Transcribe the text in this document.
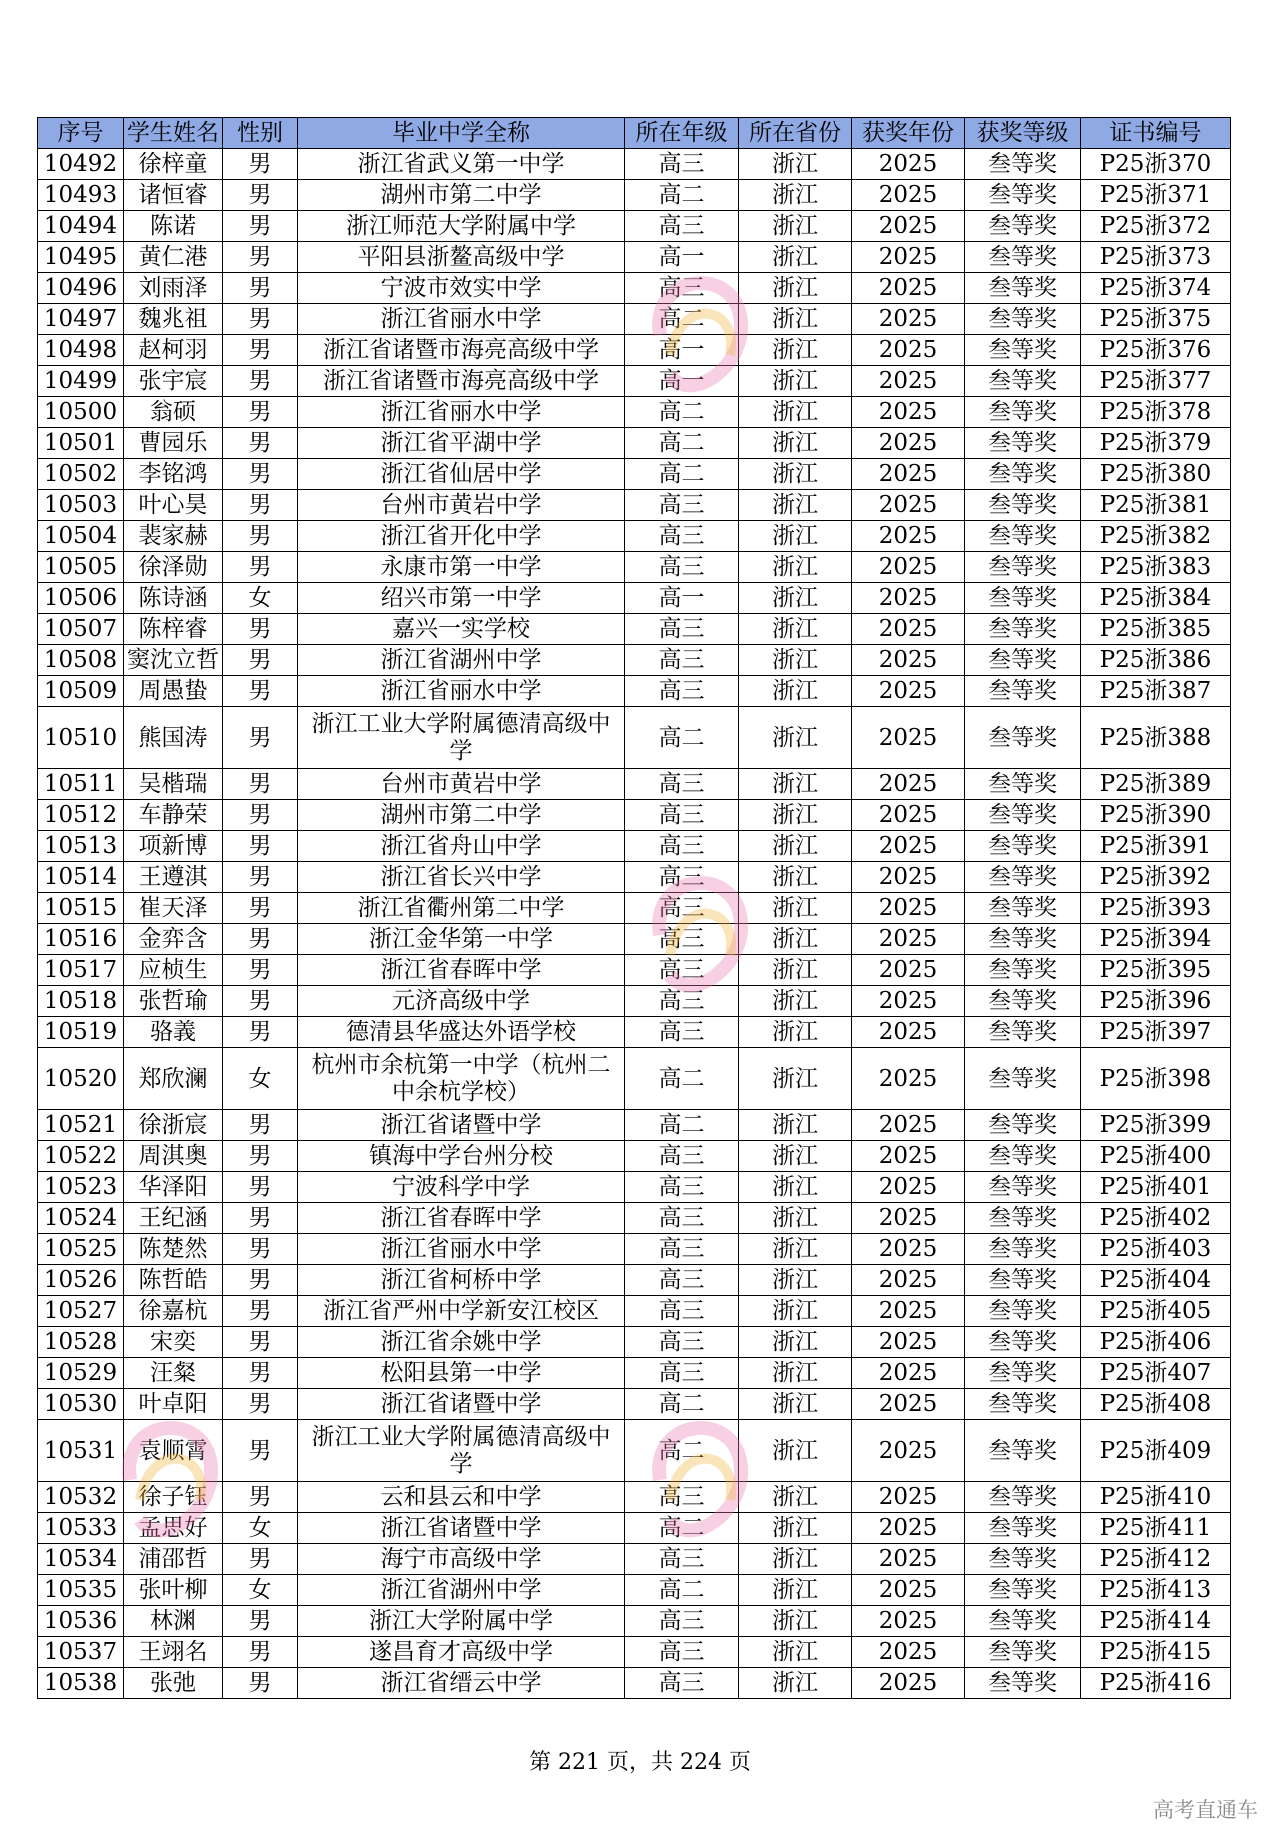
序号	学生姓名	性别	毕业中学全称	所在年级	所在省份	获奖年份	获奖等级	证书编号
10492	徐梓童	男	浙江省武义第一中学	高三	浙江	2025	叁等奖	P25浙370
10493	诸恒睿	男	湖州市第二中学	高二	浙江	2025	叁等奖	P25浙371
10494	陈诺	男	浙江师范大学附属中学	高三	浙江	2025	叁等奖	P25浙372
10495	黄仁港	男	平阳县浙鳌高级中学	高一	浙江	2025	叁等奖	P25浙373
10496	刘雨泽	男	宁波市效实中学	高三	浙江	2025	叁等奖	P25浙374
10497	魏兆祖	男	浙江省丽水中学	高二	浙江	2025	叁等奖	P25浙375
10498	赵柯羽	男	浙江省诸暨市海亮高级中学	高一	浙江	2025	叁等奖	P25浙376
10499	张宇宸	男	浙江省诸暨市海亮高级中学	高一	浙江	2025	叁等奖	P25浙377
10500	翁硕	男	浙江省丽水中学	高二	浙江	2025	叁等奖	P25浙378
10501	曹园乐	男	浙江省平湖中学	高二	浙江	2025	叁等奖	P25浙379
10502	李铭鸿	男	浙江省仙居中学	高二	浙江	2025	叁等奖	P25浙380
10503	叶心昊	男	台州市黄岩中学	高三	浙江	2025	叁等奖	P25浙381
10504	裴家赫	男	浙江省开化中学	高三	浙江	2025	叁等奖	P25浙382
10505	徐泽勋	男	永康市第一中学	高三	浙江	2025	叁等奖	P25浙383
10506	陈诗涵	女	绍兴市第一中学	高一	浙江	2025	叁等奖	P25浙384
10507	陈梓睿	男	嘉兴一实学校	高三	浙江	2025	叁等奖	P25浙385
10508	窦沈立哲	男	浙江省湖州中学	高三	浙江	2025	叁等奖	P25浙386
10509	周愚蛰	男	浙江省丽水中学	高三	浙江	2025	叁等奖	P25浙387
10510	熊国涛	男	浙江工业大学附属德清高级中学	高二	浙江	2025	叁等奖	P25浙388
10511	吴楷瑞	男	台州市黄岩中学	高三	浙江	2025	叁等奖	P25浙389
10512	车静荣	男	湖州市第二中学	高三	浙江	2025	叁等奖	P25浙390
10513	项新博	男	浙江省舟山中学	高三	浙江	2025	叁等奖	P25浙391
10514	王遵淇	男	浙江省长兴中学	高三	浙江	2025	叁等奖	P25浙392
10515	崔天泽	男	浙江省衢州第二中学	高三	浙江	2025	叁等奖	P25浙393
10516	金弈含	男	浙江金华第一中学	高三	浙江	2025	叁等奖	P25浙394
10517	应桢生	男	浙江省春晖中学	高三	浙江	2025	叁等奖	P25浙395
10518	张哲瑜	男	元济高级中学	高三	浙江	2025	叁等奖	P25浙396
10519	骆義	男	德清县华盛达外语学校	高三	浙江	2025	叁等奖	P25浙397
10520	郑欣澜	女	杭州市余杭第一中学（杭州二中余杭学校）	高二	浙江	2025	叁等奖	P25浙398
10521	徐浙宸	男	浙江省诸暨中学	高二	浙江	2025	叁等奖	P25浙399
10522	周淇奥	男	镇海中学台州分校	高三	浙江	2025	叁等奖	P25浙400
10523	华泽阳	男	宁波科学中学	高三	浙江	2025	叁等奖	P25浙401
10524	王纪涵	男	浙江省春晖中学	高三	浙江	2025	叁等奖	P25浙402
10525	陈楚然	男	浙江省丽水中学	高三	浙江	2025	叁等奖	P25浙403
10526	陈哲皓	男	浙江省柯桥中学	高三	浙江	2025	叁等奖	P25浙404
10527	徐嘉杭	男	浙江省严州中学新安江校区	高三	浙江	2025	叁等奖	P25浙405
10528	宋奕	男	浙江省余姚中学	高三	浙江	2025	叁等奖	P25浙406
10529	汪粲	男	松阳县第一中学	高三	浙江	2025	叁等奖	P25浙407
10530	叶卓阳	男	浙江省诸暨中学	高二	浙江	2025	叁等奖	P25浙408
10531	袁顺霄	男	浙江工业大学附属德清高级中学	高二	浙江	2025	叁等奖	P25浙409
10532	徐子钰	男	云和县云和中学	高三	浙江	2025	叁等奖	P25浙410
10533	孟思好	女	浙江省诸暨中学	高二	浙江	2025	叁等奖	P25浙411
10534	浦邵哲	男	海宁市高级中学	高三	浙江	2025	叁等奖	P25浙412
10535	张叶柳	女	浙江省湖州中学	高二	浙江	2025	叁等奖	P25浙413
10536	林渊	男	浙江大学附属中学	高三	浙江	2025	叁等奖	P25浙414
10537	王翊名	男	遂昌育才高级中学	高三	浙江	2025	叁等奖	P25浙415
10538	张弛	男	浙江省缙云中学	高三	浙江	2025	叁等奖	P25浙416
第 221 页，共 224 页
高考直通车
